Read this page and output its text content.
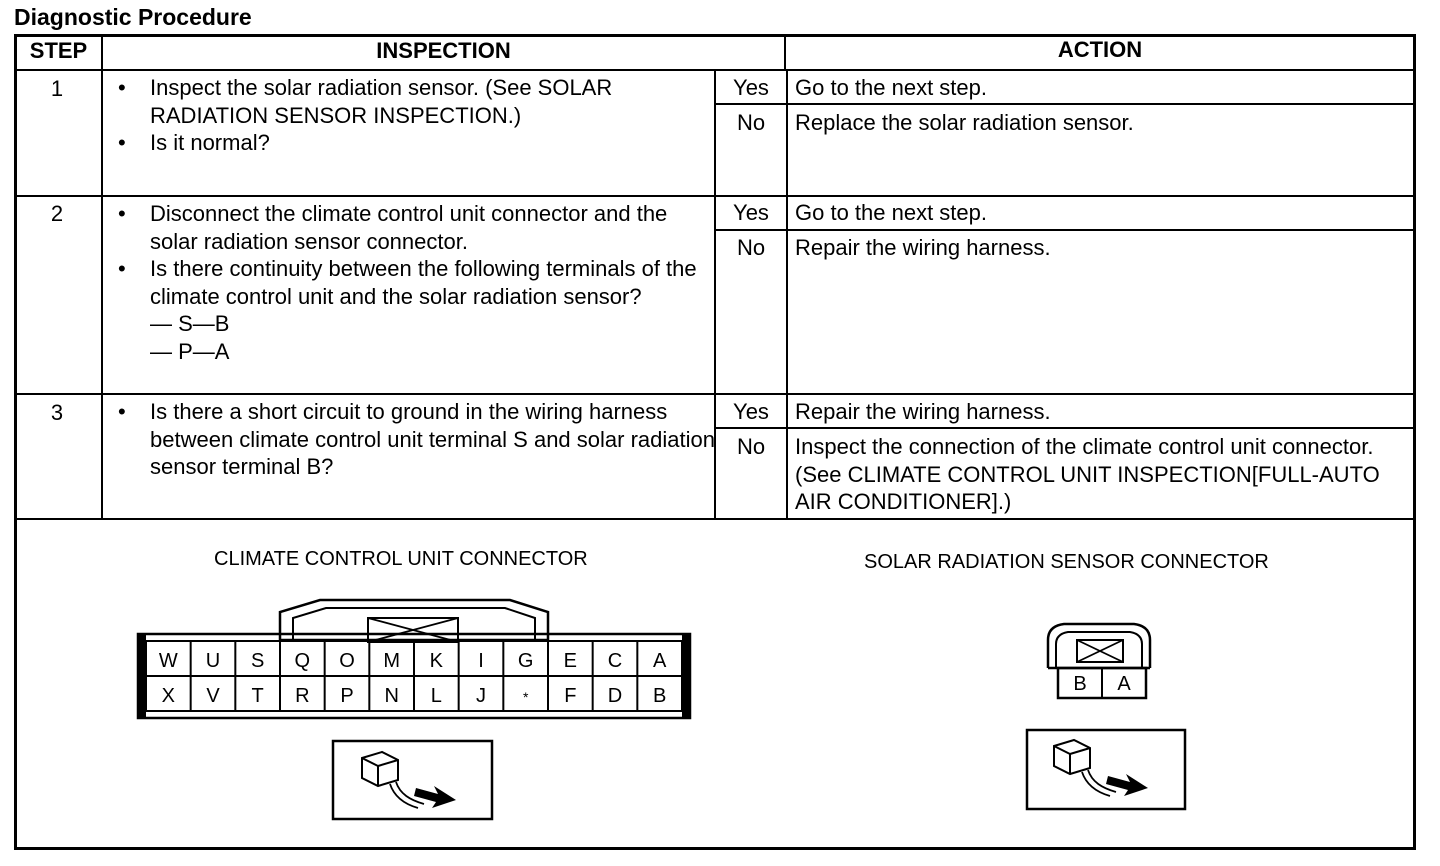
Diagnostic Procedure
STEP	INSPECTION	ACTION
1	• Inspect the solar radiation sensor. (See SOLAR RADIATION SENSOR INSPECTION.)
• Is it normal?
Yes	Go to the next step.
No	Replace the solar radiation sensor.
2	• Disconnect the climate control unit connector and the solar radiation sensor connector.
• Is there continuity between the following terminals of the climate control unit and the solar radiation sensor?
— S—B
— P—A
Yes	Go to the next step.
No	Repair the wiring harness.
3	• Is there a short circuit to ground in the wiring harness between climate control unit terminal S and solar radiation sensor terminal B?
Yes	Repair the wiring harness.
No	Inspect the connection of the climate control unit connector. (See CLIMATE CONTROL UNIT INSPECTION[FULL-AUTO AIR CONDITIONER].)
CLIMATE CONTROL UNIT CONNECTOR	SOLAR RADIATION SENSOR CONNECTOR
W U S Q O M K I G E C A
X V T R P N L J	* F D B
B A
